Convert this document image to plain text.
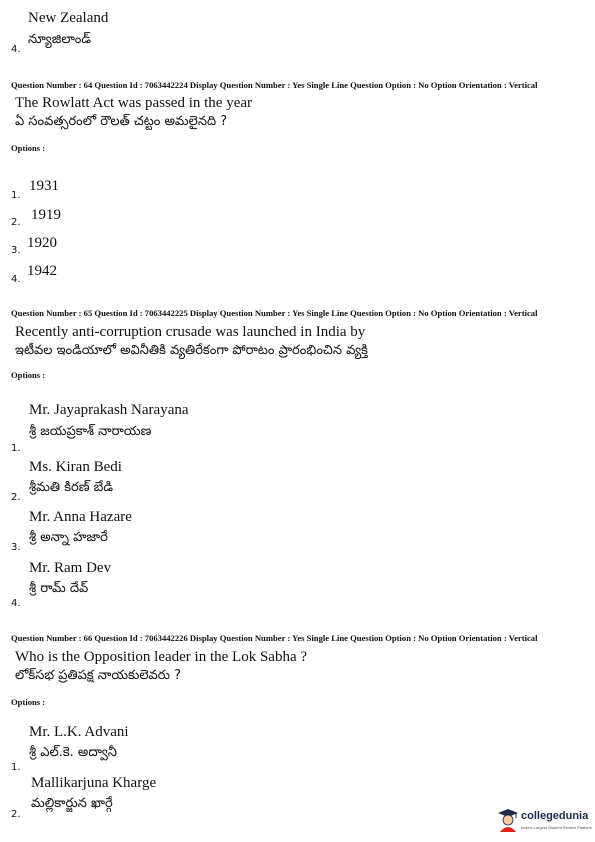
New Zealand
న్యూజిలాండ్
4.
Question Number : 64 Question Id : 7063442224 Display Question Number : Yes Single Line Question Option : No Option Orientation : Vertical
The Rowlatt Act was passed in the year
ఏ సంవత్సరంలో రౌలత్ చట్టం అమలైనది ?
Options :
1931
1.
1919
2.
1920
3.
1942
4.
Question Number : 65 Question Id : 7063442225 Display Question Number : Yes Single Line Question Option : No Option Orientation : Vertical
Recently anti-corruption crusade was launched in India by
ఇటీవల ఇండియాలో అవినీతికి వ్యతిరేకంగా పోరాటం ప్రారంభించిన వ్యక్తి
Options :
Mr. Jayaprakash Narayana
శ్రీ జయప్రకాశ్ నారాయణ
1.
Ms. Kiran Bedi
శ్రీమతి కిరణ్ బేడి
2.
Mr. Anna Hazare
శ్రీ అన్నా హజారే
3.
Mr. Ram Dev
శ్రీ రామ్ దేవ్
4.
Question Number : 66 Question Id : 7063442226 Display Question Number : Yes Single Line Question Option : No Option Orientation : Vertical
Who is the Opposition leader in the Lok Sabha ?
లోక్‌సభ ప్రతిపక్ష నాయకులెవరు ?
Options :
Mr. L.K. Advani
శ్రీ ఎల్.కె. అద్వానీ
1.
Mallikarjuna Kharge
మల్లికార్జున ఖార్గే
2.	collegedunia
India's Largest Student Review Platform
